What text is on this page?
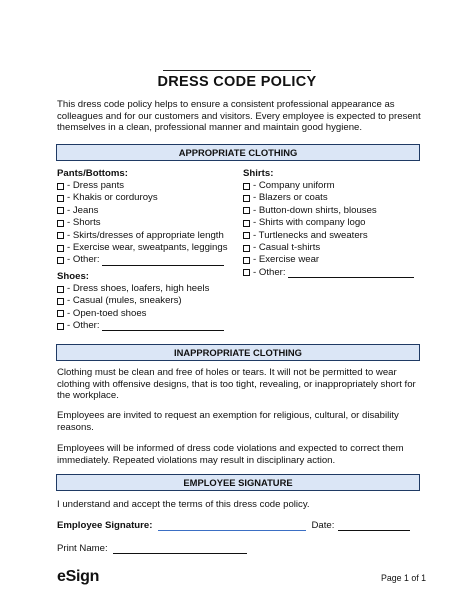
DRESS CODE POLICY

This dress code policy helps to ensure a consistent professional appearance as colleagues and for our customers and visitors. Every employee is expected to present themselves in a clean, professional manner and maintain good hygiene.

APPROPRIATE CLOTHING
Pants/Bottoms:
- Dress pants
- Khakis or corduroys
- Jeans
- Shorts
- Skirts/dresses of appropriate length
- Exercise wear, sweatpants, leggings
- Other:
Shoes:
- Dress shoes, loafers, high heels
- Casual (mules, sneakers)
- Open-toed shoes
- Other:
Shirts:
- Company uniform
- Blazers or coats
- Button-down shirts, blouses
- Shirts with company logo
- Turtlenecks and sweaters
- Casual t-shirts
- Exercise wear
- Other:
INAPPROPRIATE CLOTHING

Clothing must be clean and free of holes or tears. It will not be permitted to wear clothing with offensive designs, that is too tight, revealing, or inappropriately short for the workplace.

Employees are invited to request an exemption for religious, cultural, or disability reasons.

Employees will be informed of dress code violations and expected to correct them immediately. Repeated violations may result in disciplinary action.

EMPLOYEE SIGNATURE

I understand and accept the terms of this dress code policy.

Employee Signature :	Date:
Print Name:
eSign	Page 1 of 1
